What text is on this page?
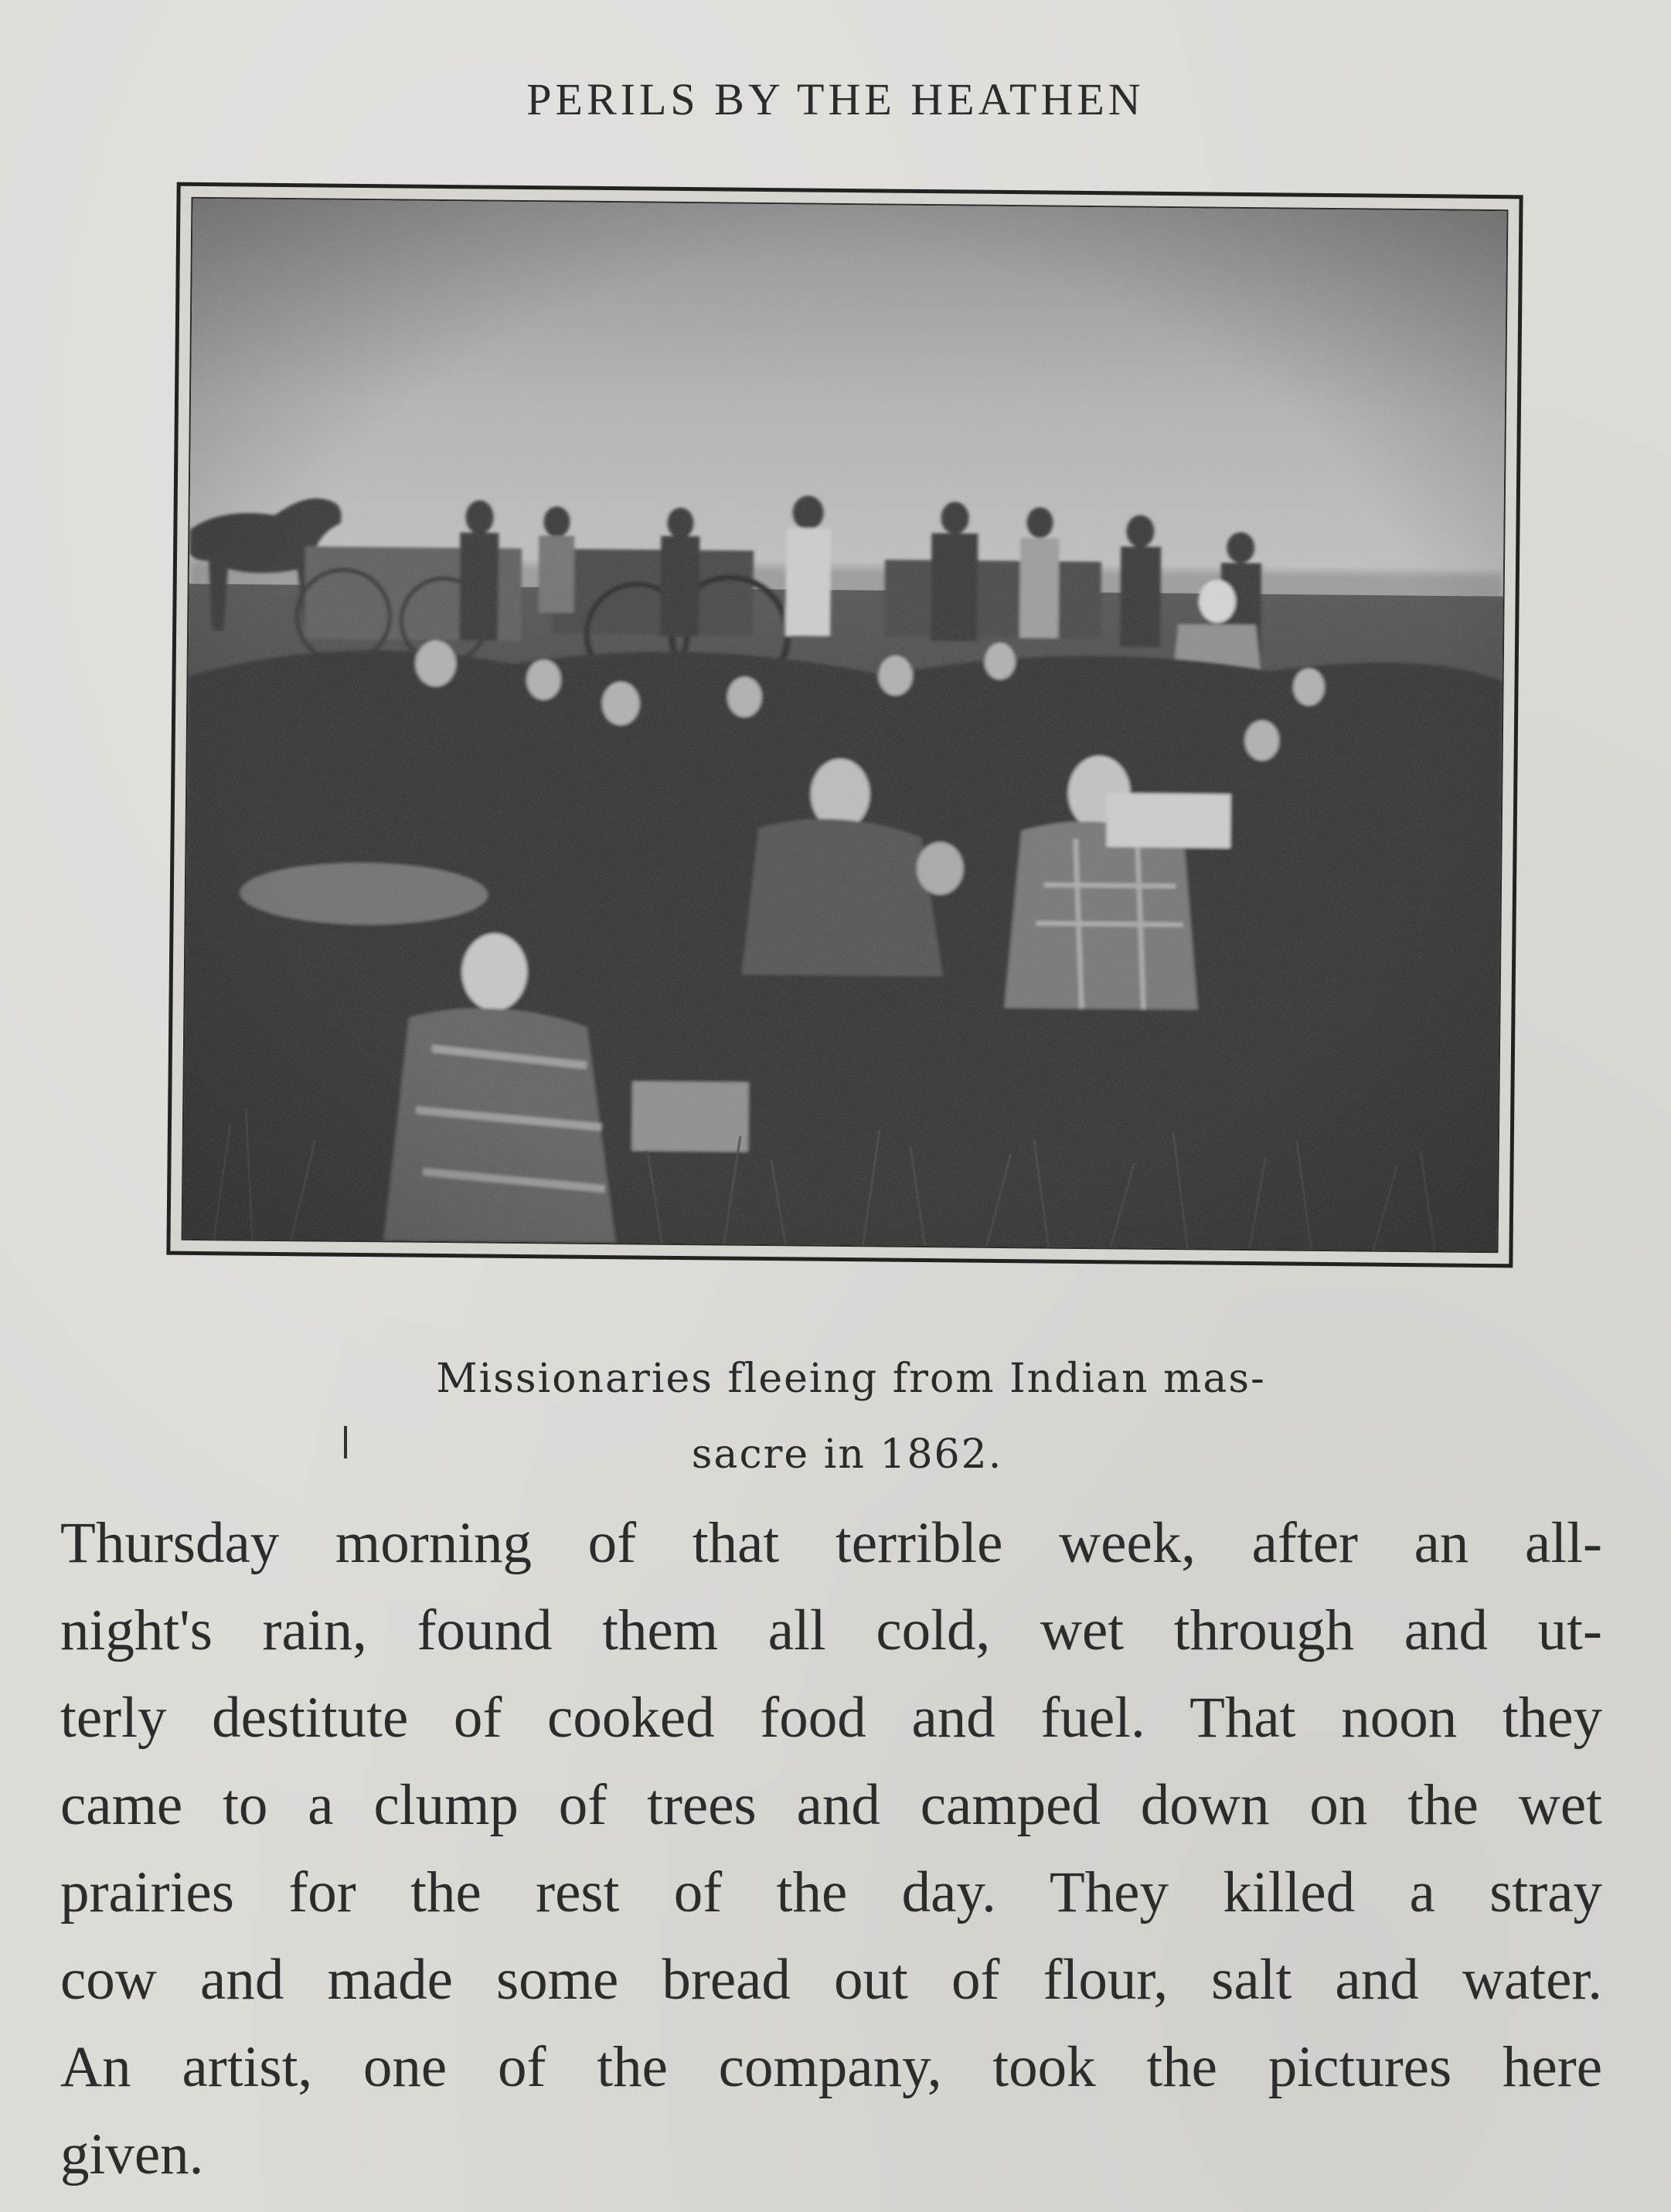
PERILS BY THE HEATHEN
Missionaries fleeing from Indian mas-
sacre in 1862.
Thursday morning of that terrible week, after an all-
night's rain, found them all cold, wet through and ut-
terly destitute of cooked food and fuel. That noon they
came to a clump of trees and camped down on the wet
prairies for the rest of the day. They killed a stray
cow and made some bread out of flour, salt and water.
An artist, one of the company, took the pictures here
given.
